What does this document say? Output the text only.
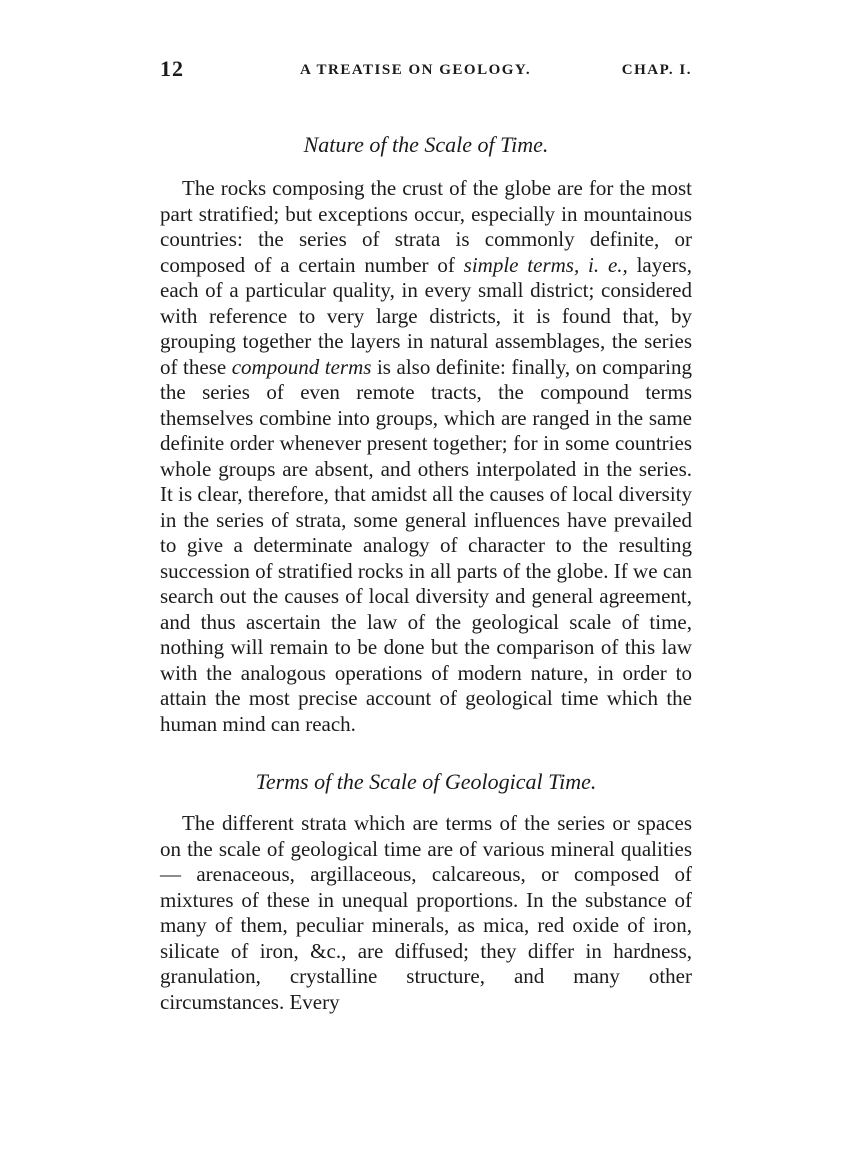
12	A TREATISE ON GEOLOGY.	CHAP. I.
Nature of the Scale of Time.

The rocks composing the crust of the globe are for the most part stratified; but exceptions occur, especially in mountainous countries: the series of strata is commonly definite, or composed of a certain number of simple terms, i. e., layers, each of a particular quality, in every small district; considered with reference to very large districts, it is found that, by grouping together the layers in natural assemblages, the series of these compound terms is also definite: finally, on comparing the series of even remote tracts, the compound terms themselves combine into groups, which are ranged in the same definite order whenever present together; for in some countries whole groups are absent, and others interpolated in the series. It is clear, therefore, that amidst all the causes of local diversity in the series of strata, some general influences have prevailed to give a determinate analogy of character to the resulting succession of stratified rocks in all parts of the globe. If we can search out the causes of local diversity and general agreement, and thus ascertain the law of the geological scale of time, nothing will remain to be done but the comparison of this law with the analogous operations of modern nature, in order to attain the most precise account of geological time which the human mind can reach.

Terms of the Scale of Geological Time.

The different strata which are terms of the series or spaces on the scale of geological time are of various mineral qualities — arenaceous, argillaceous, calcareous, or composed of mixtures of these in unequal proportions. In the substance of many of them, peculiar minerals, as mica, red oxide of iron, silicate of iron, &c., are diffused; they differ in hardness, granulation, crystalline structure, and many other circumstances. Every
